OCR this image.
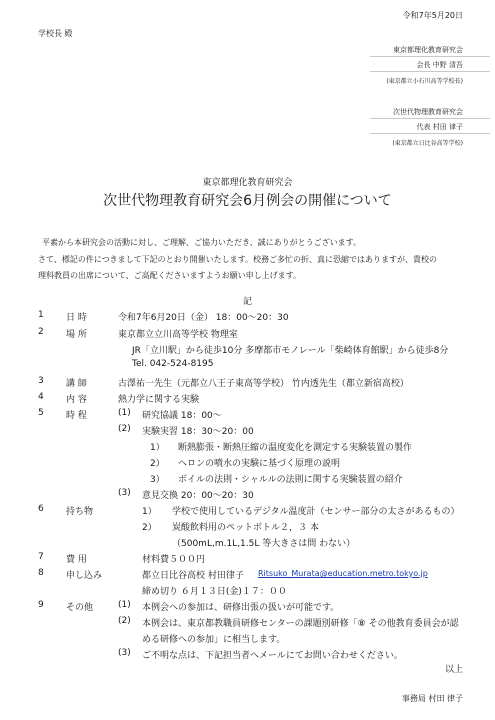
令和7年5月20日
学校長 殿
東京都理化教育研究会
会長 中野 清吾
(東京都立小石川高等学校長)
次世代物理教育研究会
代表 村田 律子
(東京都立日比谷高等学校)
東京都理化教育研究会
次世代物理教育研究会6月例会の開催について
平素から本研究会の活動に対し、ご理解、ご協力いただき、誠にありがとうございます。
さて、標記の件につきまして下記のとおり開催いたします。校務ご多忙の折、真に恐縮ではありますが、貴校の
理科教員の出席について、ご高配くださいますようお願い申し上げます。
記
1 日 時	令和7年6月20日（金） 18：00～20：30
2 場 所	東京都立立川高等学校 物理室
JR「立川駅」から徒歩10分 多摩都市モノレール「柴崎体育館駅」から徒歩8分
Tel. 042-524-8195
3 講 師	古澤祐一先生（元都立八王子東高等学校） 竹内透先生（都立新宿高校）
4 内 容	熱力学に関する実験
5 時 程	(1) 研究協議 18：00～
(2) 実験実習 18：30～20：00
1） 断熱膨張・断熱圧縮の温度変化を測定する実験装置の製作
2） ヘロンの噴水の実験に基づく原理の説明
3） ボイルの法則・シャルルの法則に関する実験装置の紹介
(3) 意見交換 20：00～20：30
6 持ち物	1） 学校で使用しているデジタル温度計（センサー部分の太さがあるもの）
2） 炭酸飲料用のペットボトル２，３ 本
（500mL,m.1L,1.5L 等大きさは問 わない）
7 費 用	材料費５００円
8 申し込み	都立日比谷高校 村田律子 Ritsuko_Murata@education.metro.tokyo.jp
締め切り ６月１３日(金)１７：００
9 その他	(1) 本例会への参加は、研修出張の扱いが可能です。
(2) 本例会は、東京都教職員研修センターの課題別研修「⑧ その他教育委員会が認
める研修への参加」に相当します。
(3) ご不明な点は、下記担当者へメールにてお問い合わせください。
以上
事務局 村田 律子
